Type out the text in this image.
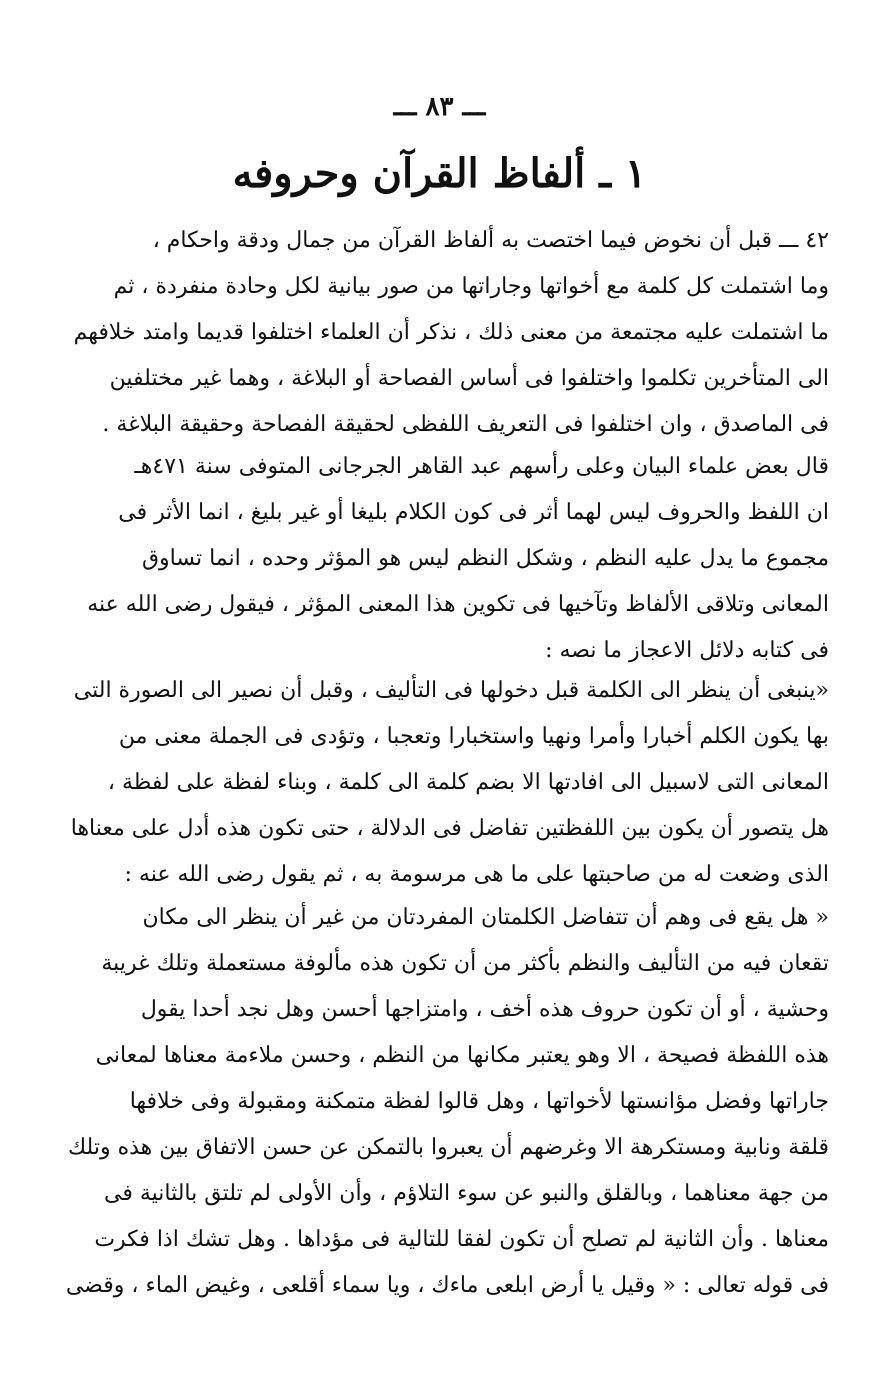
ـــ ٨٣ ـــ
١ ـ ألفاظ القرآن وحروفه
٤٢ ـــ قبل أن نخوض فيما اختصت به ألفاظ القرآن من جمال ودقة واحكام ،
وما اشتملت كل كلمة مع أخواتها وجاراتها من صور بيانية لكل وحادة منفردة ، ثم
ما اشتملت عليه مجتمعة من معنى ذلك ، نذكر أن العلماء اختلفوا قديما وامتد خلافهم
الى المتأخرين تكلموا واختلفوا فى أساس الفصاحة أو البلاغة ، وهما غير مختلفين
فى الماصدق ، وان اختلفوا فى التعريف اللفظى لحقيقة الفصاحة وحقيقة البلاغة .
قال بعض علماء البيان وعلى رأسهم عبد القاهر الجرجانى المتوفى سنة ٤٧١هـ
ان اللفظ والحروف ليس لهما أثر فى كون الكلام بليغا أو غير بليغ ، انما الأثر فى
مجموع ما يدل عليه النظم ، وشكل النظم ليس هو المؤثر وحده ، انما تساوق
المعانى وتلاقى الألفاظ وتآخيها فى تكوين هذا المعنى المؤثر ، فيقول رضى الله عنه
فى كتابه دلائل الاعجاز ما نصه :
«ينبغى أن ينظر الى الكلمة قبل دخولها فى التأليف ، وقبل أن نصير الى الصورة التى
بها يكون الكلم أخبارا وأمرا ونهيا واستخبارا وتعجبا ، وتؤدى فى الجملة معنى من
المعانى التى لاسبيل الى افادتها الا بضم كلمة الى كلمة ، وبناء لفظة على لفظة ،
هل يتصور أن يكون بين اللفظتين تفاضل فى الدلالة ، حتى تكون هذه أدل على معناها
الذى وضعت له من صاحبتها على ما هى مرسومة به ، ثم يقول رضى الله عنه :
« هل يقع فى وهم أن تتفاضل الكلمتان المفردتان من غير أن ينظر الى مكان
تقعان فيه من التأليف والنظم بأكثر من أن تكون هذه مألوفة مستعملة وتلك غريبة
وحشية ، أو أن تكون حروف هذه أخف ، وامتزاجها أحسن وهل نجد أحدا يقول
هذه اللفظة فصيحة ، الا وهو يعتبر مكانها من النظم ، وحسن ملاءمة معناها لمعانى
جاراتها وفضل مؤانستها لأخواتها ، وهل قالوا لفظة متمكنة ومقبولة وفى خلافها
قلقة ونابية ومستكرهة الا وغرضهم أن يعبروا بالتمكن عن حسن الاتفاق بين هذه وتلك
من جهة معناهما ، وبالقلق والنبو عن سوء التلاؤم ، وأن الأولى لم تلتق بالثانية فى
معناها . وأن الثانية لم تصلح أن تكون لفقا للتالية فى مؤداها . وهل تشك اذا فكرت
فى قوله تعالى : « وقيل يا أرض ابلعى ماءك ، ويا سماء أقلعى ، وغيض الماء ، وقضى
